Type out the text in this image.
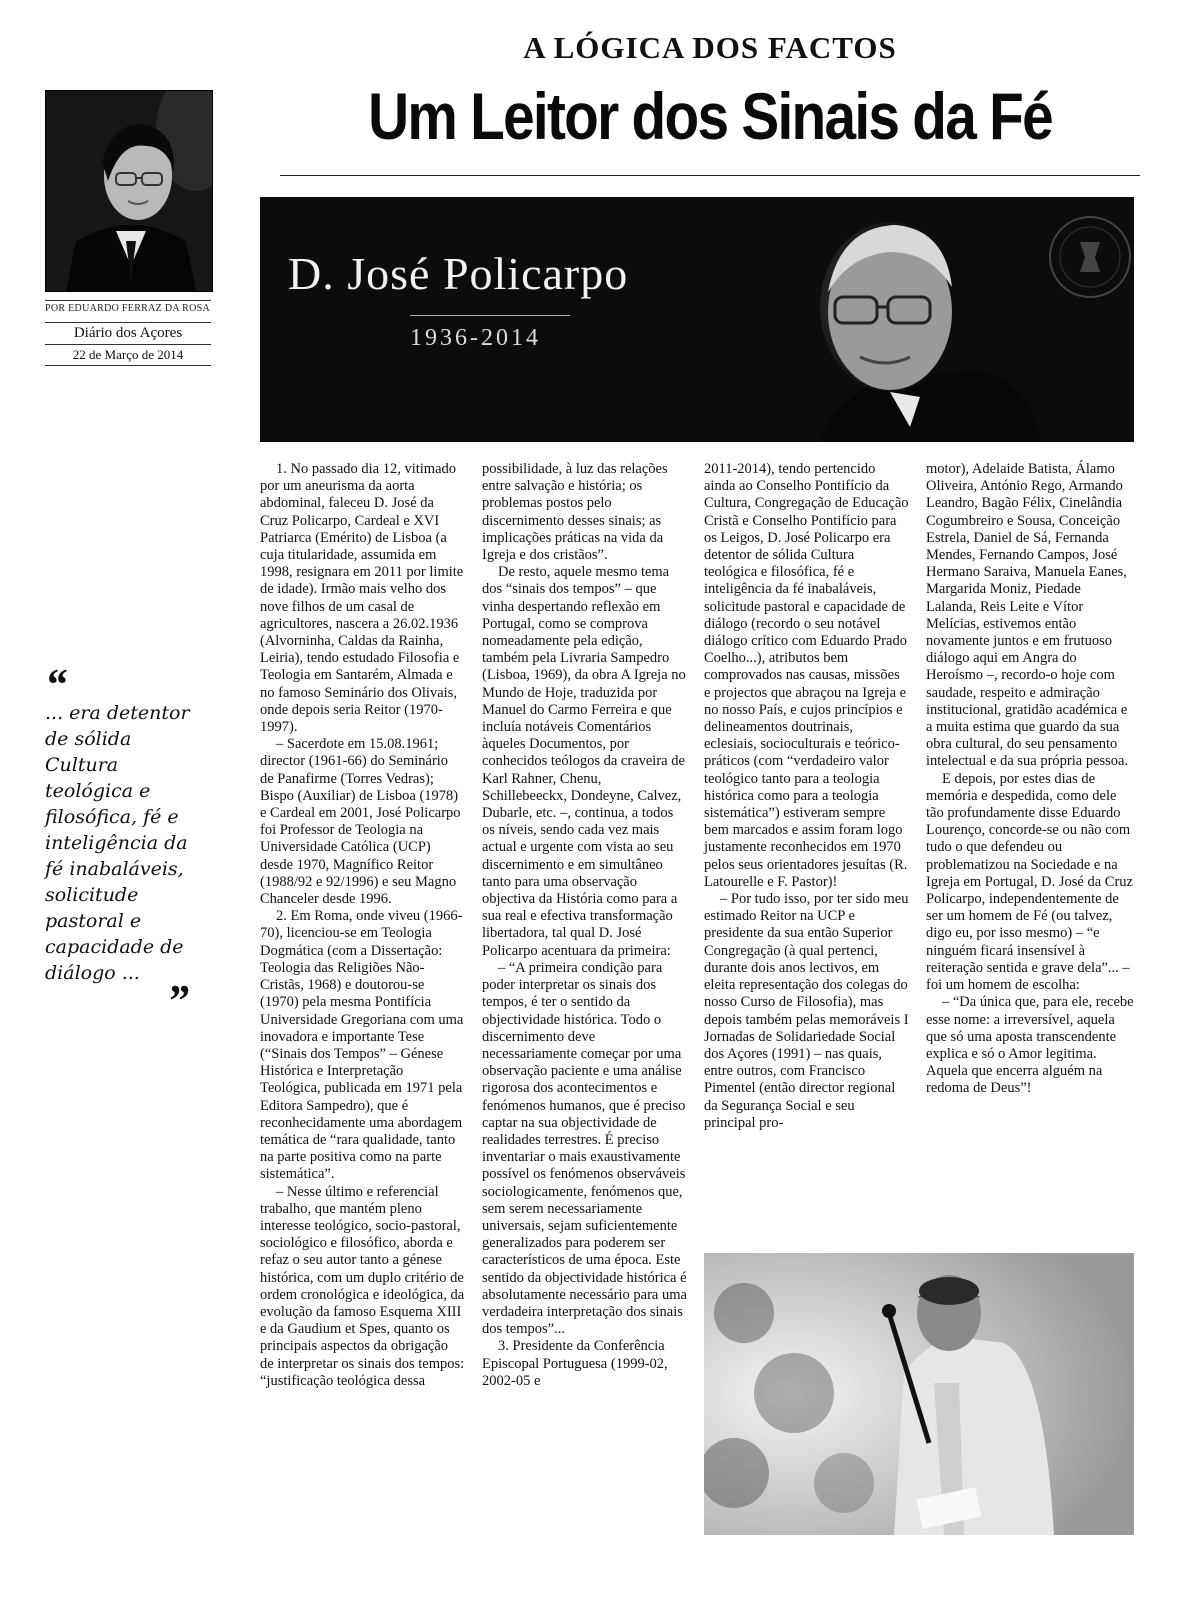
A LÓGICA DOS FACTOS
Um Leitor dos Sinais da Fé
POR EDUARDO FERRAZ DA ROSA
Diário dos Açores
22 de Março de 2014
D. José Policarpo
1936-2014
“
... era detentor de sólida Cultura teológica e filosófica, fé e inteligência da fé inabaláveis, solicitude pastoral e capacidade de diálogo ...
”

1. No passado dia 12, vitimado por um aneurisma da aorta abdominal, faleceu D. José da Cruz Policarpo, Cardeal e XVI Patriarca (Emérito) de Lisboa (a cuja titularidade, assumida em 1998, resignara em 2011 por limite de idade). Irmão mais velho dos nove filhos de um casal de agricultores, nascera a 26.02.1936 (Alvorninha, Caldas da Rainha, Leiria), tendo estudado Filosofia e Teologia em Santarém, Almada e no famoso Seminário dos Olivais, onde depois seria Reitor (1970-1997).

– Sacerdote em 15.08.1961; director (1961-66) do Seminário de Panafirme (Torres Vedras); Bispo (Auxiliar) de Lisboa (1978) e Cardeal em 2001, José Policarpo foi Professor de Teologia na Universidade Católica (UCP) desde 1970, Magnífico Reitor (1988/92 e 92/1996) e seu Magno Chanceler desde 1996.

2. Em Roma, onde viveu (1966-70), licenciou-se em Teologia Dogmática (com a Dissertação: Teologia das Religiões Não-Cristãs, 1968) e doutorou-se (1970) pela mesma Pontifícia Universidade Gregoriana com uma inovadora e importante Tese (“Sinais dos Tempos” – Génese Histórica e Interpretação Teológica, publicada em 1971 pela Editora Sampedro), que é reconhecidamente uma abordagem temática de “rara qualidade, tanto na parte positiva como na parte sistemática”.

– Nesse último e referencial trabalho, que mantém pleno interesse teológico, socio-pastoral, sociológico e filosófico, aborda e refaz o seu autor tanto a génese histórica, com um duplo critério de ordem cronológica e ideológica, da evolução da famoso Esquema XIII e da Gaudium et Spes, quanto os principais aspectos da obrigação de interpretar os sinais dos tempos: “justificação teológica dessa

possibilidade, à luz das relações entre salvação e história; os problemas postos pelo discernimento desses sinais; as implicações práticas na vida da Igreja e dos cristãos”.

De resto, aquele mesmo tema dos “sinais dos tempos” – que vinha despertando reflexão em Portugal, como se comprova nomeadamente pela edição, também pela Livraria Sampedro (Lisboa, 1969), da obra A Igreja no Mundo de Hoje, traduzida por Manuel do Carmo Ferreira e que incluía notáveis Comentários àqueles Documentos, por conhecidos teólogos da craveira de Karl Rahner, Chenu, Schillebeeckx, Dondeyne, Calvez, Dubarle, etc. –, continua, a todos os níveis, sendo cada vez mais actual e urgente com vista ao seu discernimento e em simultâneo tanto para uma observação objectiva da História como para a sua real e efectiva transformação libertadora, tal qual D. José Policarpo acentuara da primeira:

– “A primeira condição para poder interpretar os sinais dos tempos, é ter o sentido da objectividade histórica. Todo o discernimento deve necessariamente começar por uma observação paciente e uma análise rigorosa dos acontecimentos e fenómenos humanos, que é preciso captar na sua objectividade de realidades terrestres. É preciso inventariar o mais exaustivamente possível os fenómenos observáveis sociologicamente, fenómenos que, sem serem necessariamente universais, sejam suficientemente generalizados para poderem ser característicos de uma época. Este sentido da objectividade histórica é absolutamente necessário para uma verdadeira interpretação dos sinais dos tempos”...

3. Presidente da Conferência Episcopal Portuguesa (1999-02, 2002-05 e

2011-2014), tendo pertencido ainda ao Conselho Pontifício da Cultura, Congregação de Educação Cristã e Conselho Pontifício para os Leigos, D. José Policarpo era detentor de sólida Cultura teológica e filosófica, fé e inteligência da fé inabaláveis, solicitude pastoral e capacidade de diálogo (recordo o seu notável diálogo crítico com Eduardo Prado Coelho...), atributos bem comprovados nas causas, missões e projectos que abraçou na Igreja e no nosso País, e cujos princípios e delineamentos doutrinais, eclesiais, socioculturais e teórico-práticos (com “verdadeiro valor teológico tanto para a teologia histórica como para a teologia sistemática”) estiveram sempre bem marcados e assim foram logo justamente reconhecidos em 1970 pelos seus orientadores jesuítas (R. Latourelle e F. Pastor)!

– Por tudo isso, por ter sido meu estimado Reitor na UCP e presidente da sua então Superior Congregação (à qual pertenci, durante dois anos lectivos, em eleita representação dos colegas do nosso Curso de Filosofia), mas depois também pelas memoráveis I Jornadas de Solidariedade Social dos Açores (1991) – nas quais, entre outros, com Francisco Pimentel (então director regional da Segurança Social e seu principal pro-

motor), Adelaide Batista, Álamo Oliveira, António Rego, Armando Leandro, Bagão Félix, Cinelândia Cogumbreiro e Sousa, Conceição Estrela, Daniel de Sá, Fernanda Mendes, Fernando Campos, José Hermano Saraiva, Manuela Eanes, Margarida Moniz, Piedade Lalanda, Reis Leite e Vítor Melícias, estivemos então novamente juntos e em frutuoso diálogo aqui em Angra do Heroísmo –, recordo-o hoje com saudade, respeito e admiração institucional, gratidão académica e a muita estima que guardo da sua obra cultural, do seu pensamento intelectual e da sua própria pessoa.

E depois, por estes dias de memória e despedida, como dele tão profundamente disse Eduardo Lourenço, concorde-se ou não com tudo o que defendeu ou problematizou na Sociedade e na Igreja em Portugal, D. José da Cruz Policarpo, independentemente de ser um homem de Fé (ou talvez, digo eu, por isso mesmo) – “e ninguém ficará insensível à reiteração sentida e grave dela”... – foi um homem de escolha:

– “Da única que, para ele, recebe esse nome: a irreversível, aquela que só uma aposta transcendente explica e só o Amor legitima. Aquela que encerra alguém na redoma de Deus”!
